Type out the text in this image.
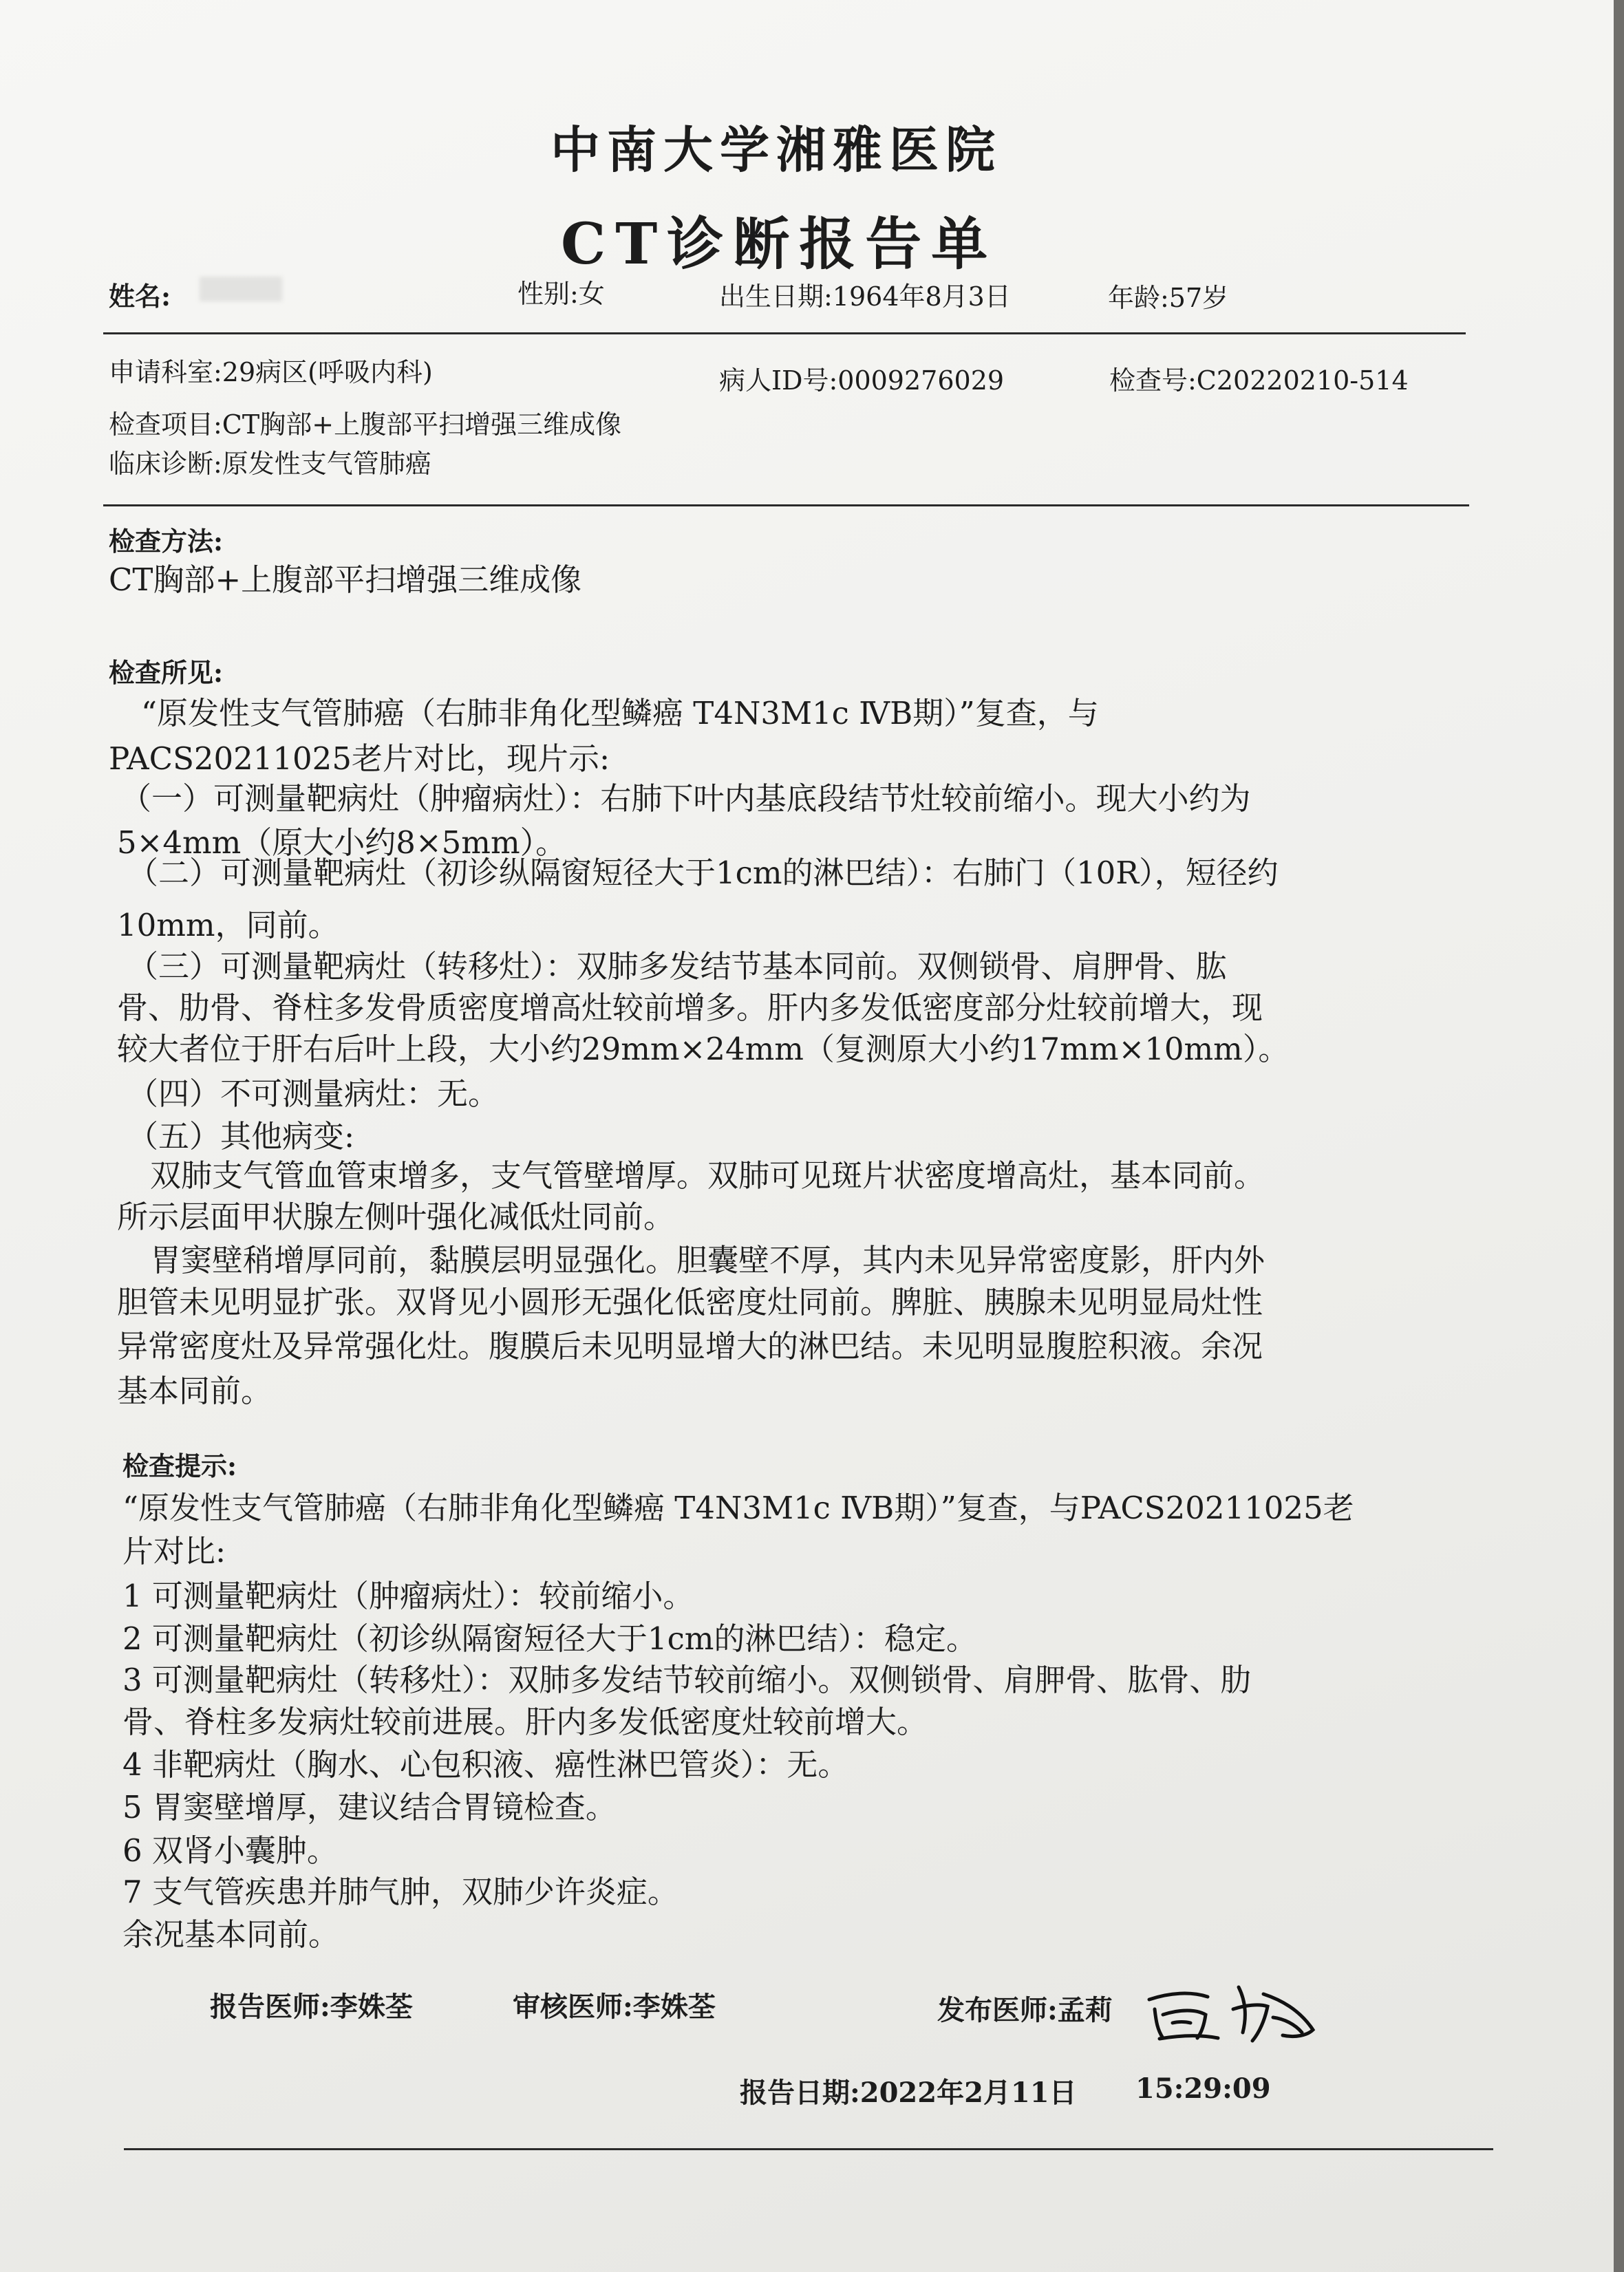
中南大学湘雅医院
CT诊断报告单
姓名:	性别:女	出生日期:1964年8月3日	年龄:57岁
申请科室:29病区(呼吸内科)	病人ID号:0009276029	检查号:C20220210-514
检查项目:CT胸部+上腹部平扫增强三维成像
临床诊断:原发性支气管肺癌
检查方法:
CT胸部+上腹部平扫增强三维成像
检查所见:
“原发性支气管肺癌（右肺非角化型鳞癌 T4N3M1c ⅣB期）”复查，与
PACS20211025老片对比，现片示:
（一）可测量靶病灶（肿瘤病灶）：右肺下叶内基底段结节灶较前缩小。现大小约为
5×4mm（原大小约8×5mm）。
（二）可测量靶病灶（初诊纵隔窗短径大于1cm的淋巴结）：右肺门（10R），短径约
10mm，同前。
（三）可测量靶病灶（转移灶）：双肺多发结节基本同前。双侧锁骨、肩胛骨、肱
骨、肋骨、脊柱多发骨质密度增高灶较前增多。肝内多发低密度部分灶较前增大，现
较大者位于肝右后叶上段，大小约29mm×24mm（复测原大小约17mm×10mm）。
（四）不可测量病灶：无。
（五）其他病变:
双肺支气管血管束增多，支气管壁增厚。双肺可见斑片状密度增高灶，基本同前。
所示层面甲状腺左侧叶强化减低灶同前。
胃窦壁稍增厚同前，黏膜层明显强化。胆囊壁不厚，其内未见异常密度影，肝内外
胆管未见明显扩张。双肾见小圆形无强化低密度灶同前。脾脏、胰腺未见明显局灶性
异常密度灶及异常强化灶。腹膜后未见明显增大的淋巴结。未见明显腹腔积液。余况
基本同前。
检查提示:
“原发性支气管肺癌（右肺非角化型鳞癌 T4N3M1c ⅣB期）”复查，与PACS20211025老
片对比:
1 可测量靶病灶（肿瘤病灶）：较前缩小。
2 可测量靶病灶（初诊纵隔窗短径大于1cm的淋巴结）：稳定。
3 可测量靶病灶（转移灶）：双肺多发结节较前缩小。双侧锁骨、肩胛骨、肱骨、肋
骨、脊柱多发病灶较前进展。肝内多发低密度灶较前增大。
4 非靶病灶（胸水、心包积液、癌性淋巴管炎）：无。
5 胃窦壁增厚，建议结合胃镜检查。
6 双肾小囊肿。
7 支气管疾患并肺气肿，双肺少许炎症。
余况基本同前。
报告医师:李姝荃	审核医师:李姝荃	发布医师:孟莉
报告日期:2022年2月11日 15:29:09
